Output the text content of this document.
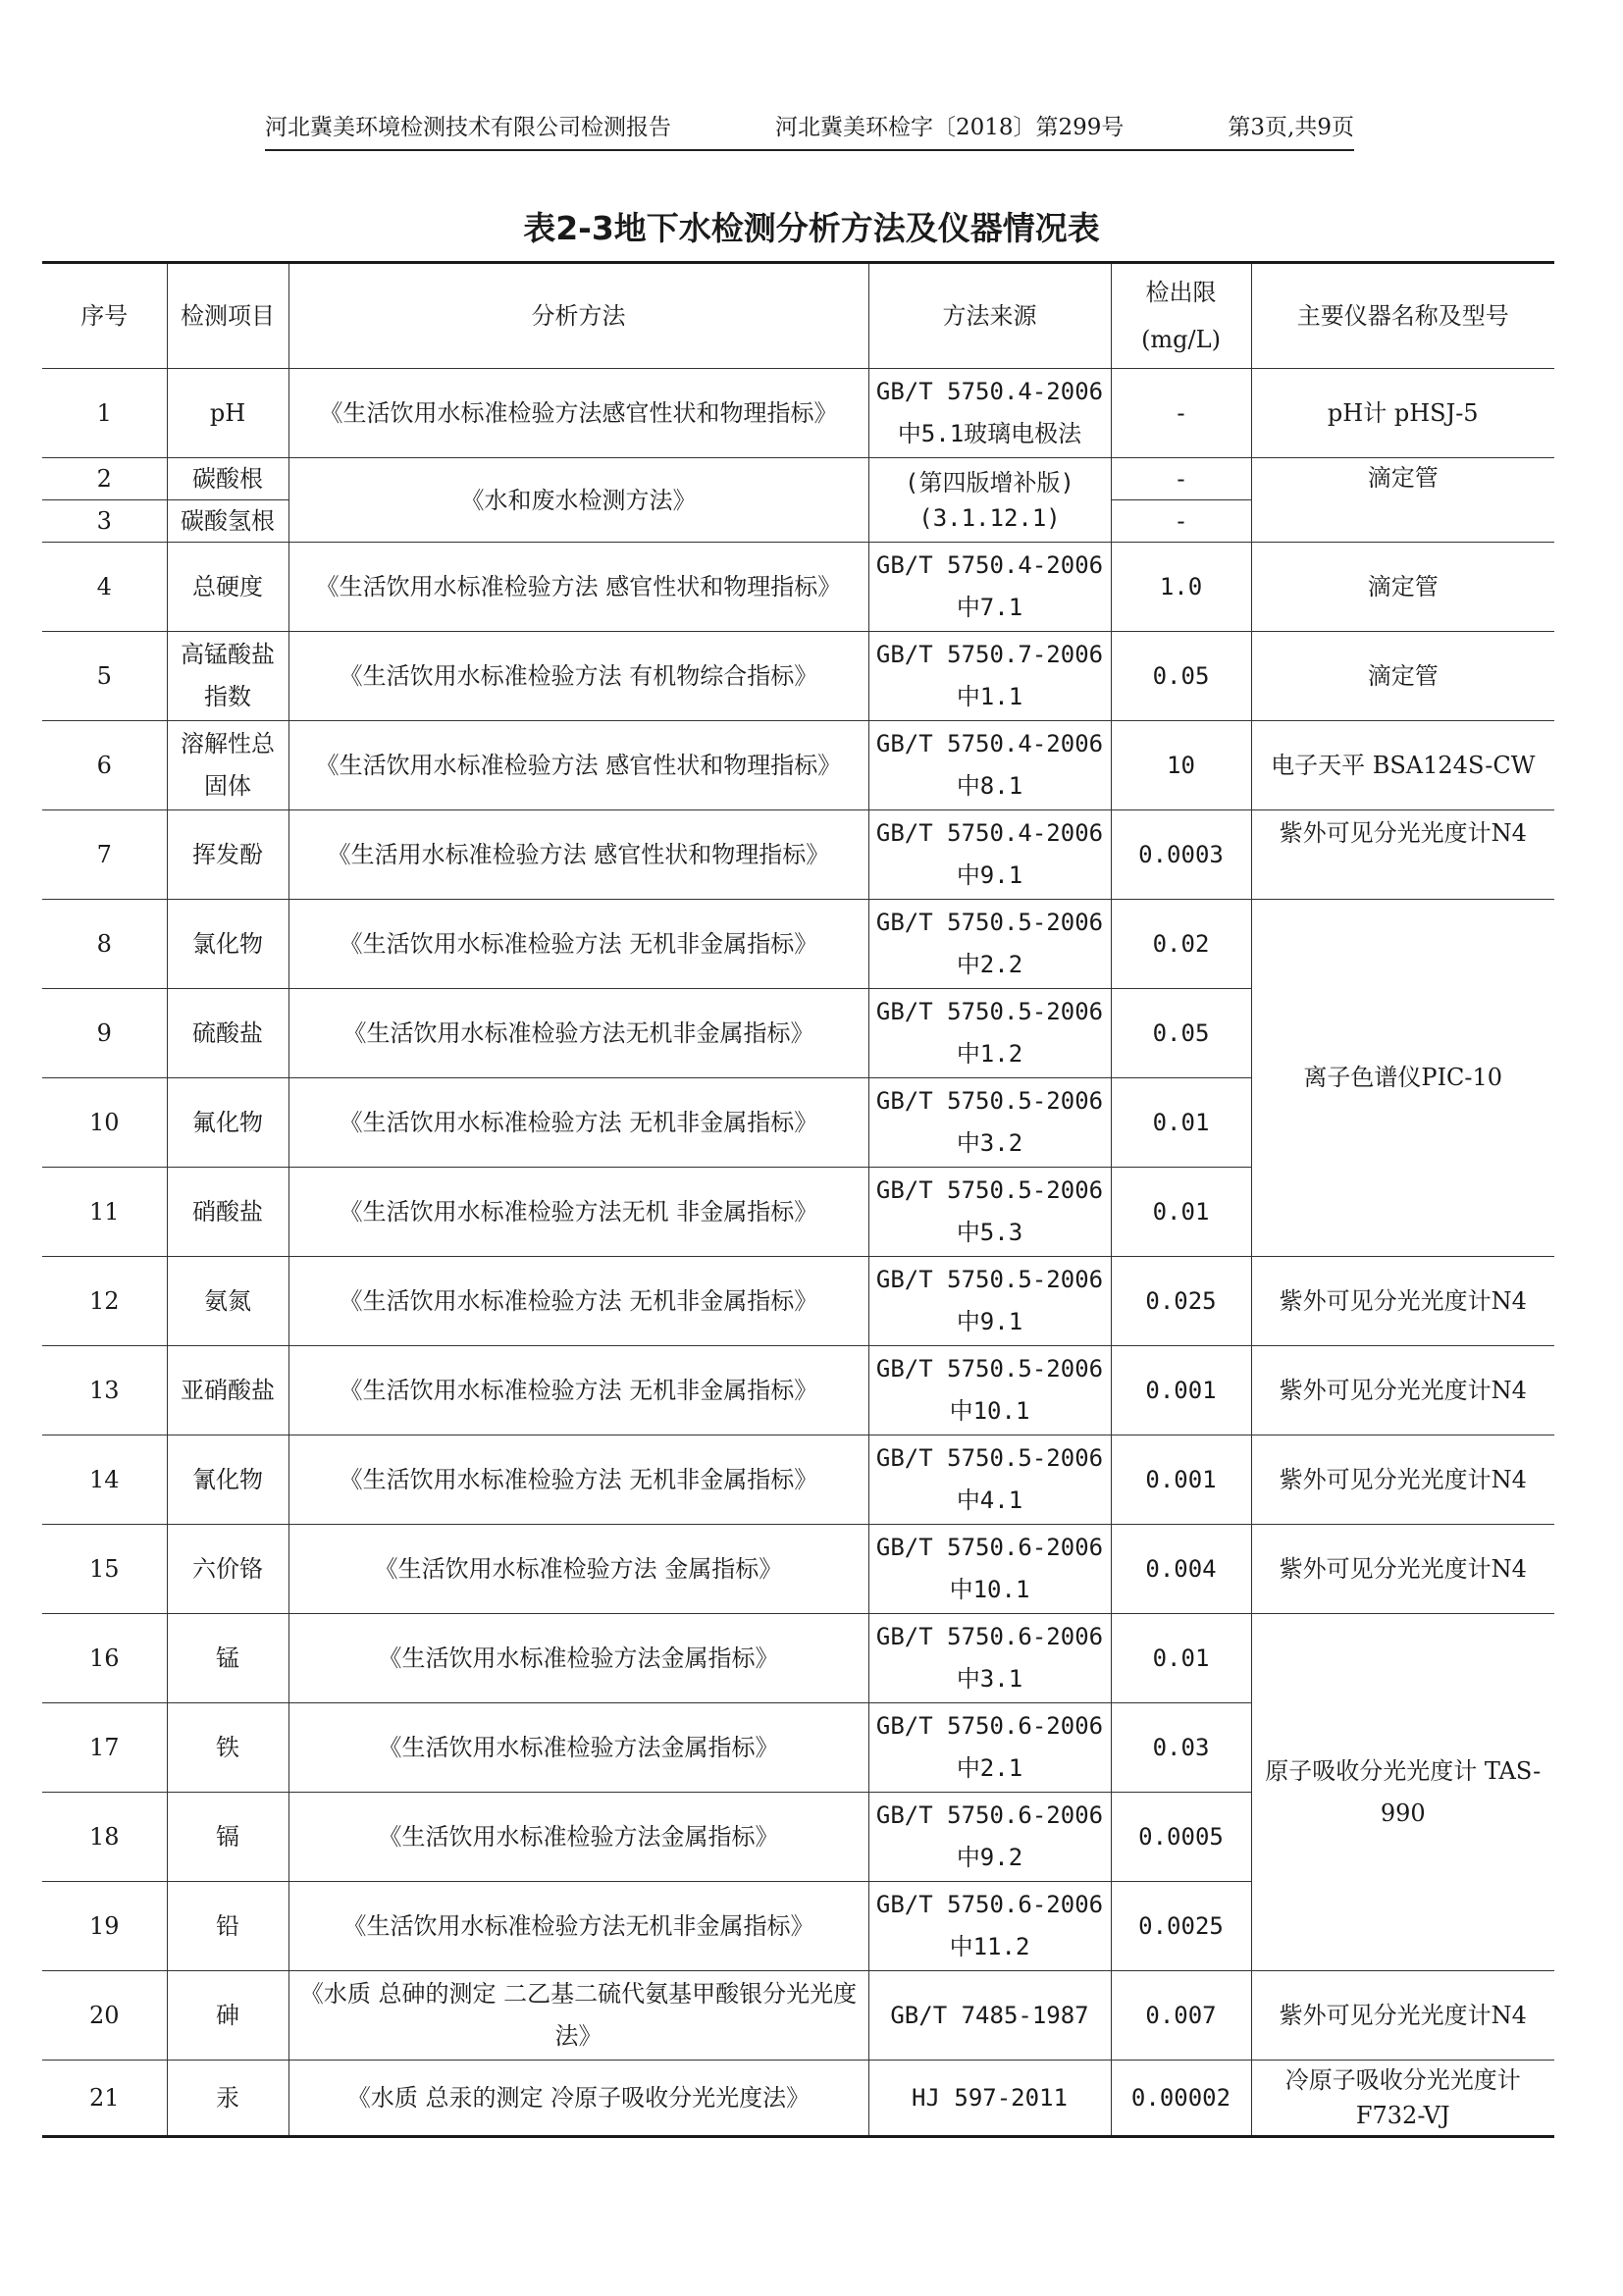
河北冀美环境检测技术有限公司检测报告	河北冀美环检字〔2018〕第299号	第3页,共9页
表2-3地下水检测分析方法及仪器情况表
序号	检测项目	分析方法	方法来源	检出限(mg/L)	主要仪器名称及型号
1	pH	《生活饮用水标准检验方法感官性状和物理指标》	GB/T 5750.4-2006 中5.1玻璃电极法	-	pH计 pHSJ-5
2	碳酸根	《水和废水检测方法》	(第四版增补版)(3.1.12.1)	-	滴定管
3	碳酸氢根			-	
4	总硬度	《生活饮用水标准检验方法 感官性状和物理指标》	GB/T 5750.4-2006 中7.1	1.0	滴定管
5	高锰酸盐指数	《生活饮用水标准检验方法 有机物综合指标》	GB/T 5750.7-2006 中1.1	0.05	滴定管
6	溶解性总固体	《生活饮用水标准检验方法 感官性状和物理指标》	GB/T 5750.4-2006 中8.1	10	电子天平 BSA124S-CW
7	挥发酚	《生活用水标准检验方法 感官性状和物理指标》	GB/T 5750.4-2006 中9.1	0.0003	紫外可见分光光度计N4
8	氯化物	《生活饮用水标准检验方法 无机非金属指标》	GB/T 5750.5-2006 中2.2	0.02	离子色谱仪PIC-10
9	硫酸盐	《生活饮用水标准检验方法无机非金属指标》	GB/T 5750.5-2006 中1.2	0.05	
10	氟化物	《生活饮用水标准检验方法 无机非金属指标》	GB/T 5750.5-2006 中3.2	0.01	
11	硝酸盐	《生活饮用水标准检验方法无机 非金属指标》	GB/T 5750.5-2006 中5.3	0.01	
12	氨氮	《生活饮用水标准检验方法 无机非金属指标》	GB/T 5750.5-2006 中9.1	0.025	紫外可见分光光度计N4
13	亚硝酸盐	《生活饮用水标准检验方法 无机非金属指标》	GB/T 5750.5-2006 中10.1	0.001	紫外可见分光光度计N4
14	氰化物	《生活饮用水标准检验方法 无机非金属指标》	GB/T 5750.5-2006 中4.1	0.001	紫外可见分光光度计N4
15	六价铬	《生活饮用水标准检验方法 金属指标》	GB/T 5750.6-2006 中10.1	0.004	紫外可见分光光度计N4
16	锰	《生活饮用水标准检验方法金属指标》	GB/T 5750.6-2006 中3.1	0.01	原子吸收分光光度计 TAS-990
17	铁	《生活饮用水标准检验方法金属指标》	GB/T 5750.6-2006 中2.1	0.03	
18	镉	《生活饮用水标准检验方法金属指标》	GB/T 5750.6-2006 中9.2	0.0005	
19	铅	《生活饮用水标准检验方法无机非金属指标》	GB/T 5750.6-2006 中11.2	0.0025	
20	砷	《水质 总砷的测定 二乙基二硫代氨基甲酸银分光光度法》	GB/T 7485-1987	0.007	紫外可见分光光度计N4
21	汞	《水质 总汞的测定 冷原子吸收分光光度法》	HJ 597-2011	0.00002	冷原子吸收分光光度计F732-VJ
